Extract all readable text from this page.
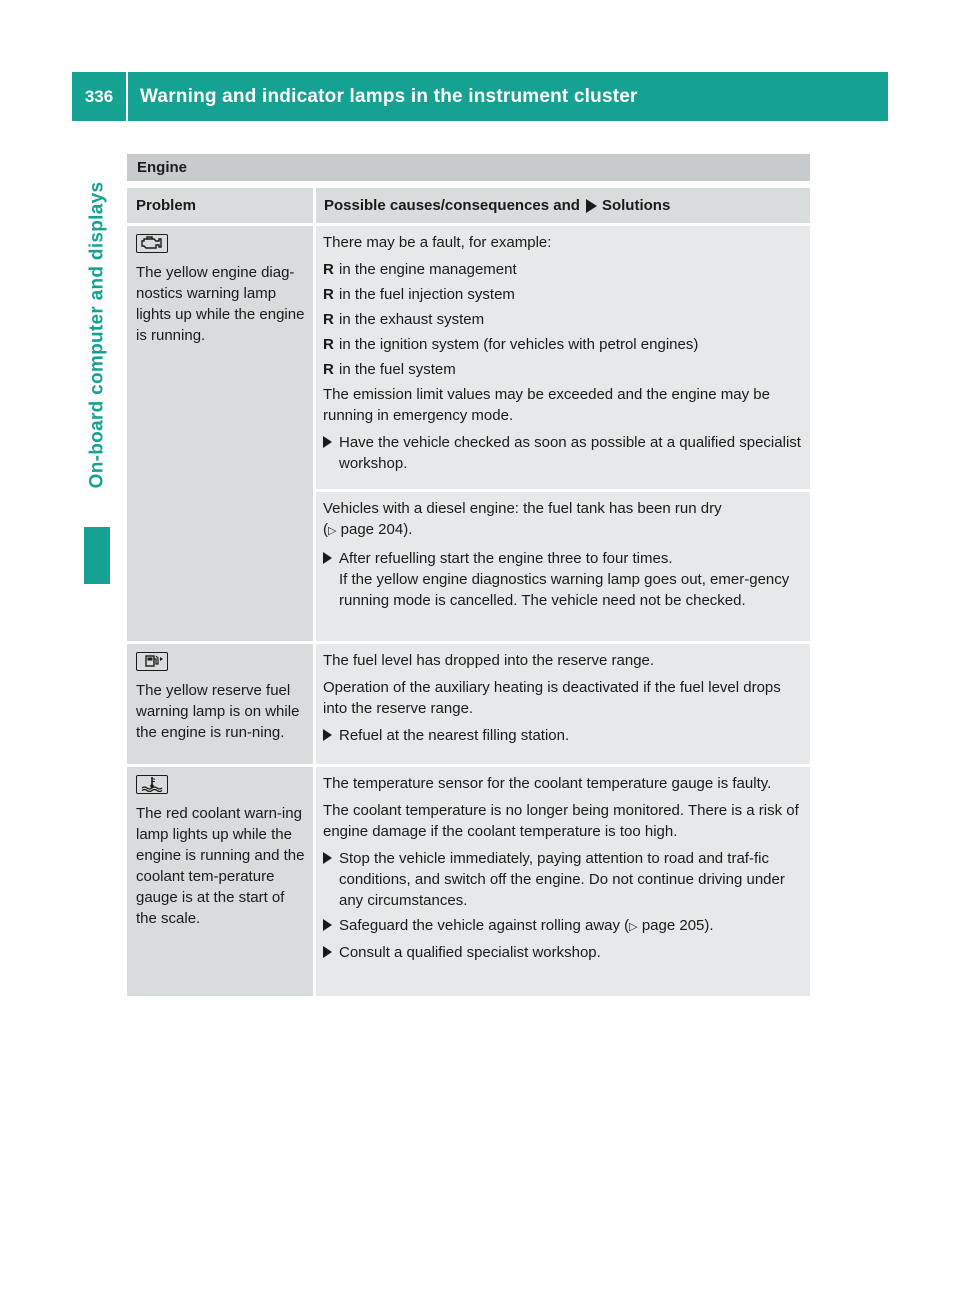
336	Warning and indicator lamps in the instrument cluster
On-board computer and displays
Engine
Problem	Possible causes/consequences and Solutions
The yellow engine diag-nostics warning lamp lights up while the engine is running.

There may be a fault, for example:

R in the engine management
R in the fuel injection system
R in the exhaust system
R in the ignition system (for vehicles with petrol engines)
R in the fuel system

The emission limit values may be exceeded and the engine may be running in emergency mode.

Have the vehicle checked as soon as possible at a qualified specialist workshop.

Vehicles with a diesel engine: the fuel tank has been run dry
(▷ page 204).

After refuelling start the engine three to four times.
If the yellow engine diagnostics warning lamp goes out, emer-gency running mode is cancelled. The vehicle need not be checked.
The yellow reserve fuel warning lamp is on while the engine is run-ning.

The fuel level has dropped into the reserve range.

Operation of the auxiliary heating is deactivated if the fuel level drops into the reserve range.

Refuel at the nearest filling station.
The red coolant warn-ing lamp lights up while the engine is running and the coolant tem-perature gauge is at the start of the scale.

The temperature sensor for the coolant temperature gauge is faulty.

The coolant temperature is no longer being monitored. There is a risk of engine damage if the coolant temperature is too high.

Stop the vehicle immediately, paying attention to road and traf-fic conditions, and switch off the engine. Do not continue driving under any circumstances.
Safeguard the vehicle against rolling away (▷ page 205).
Consult a qualified specialist workshop.
